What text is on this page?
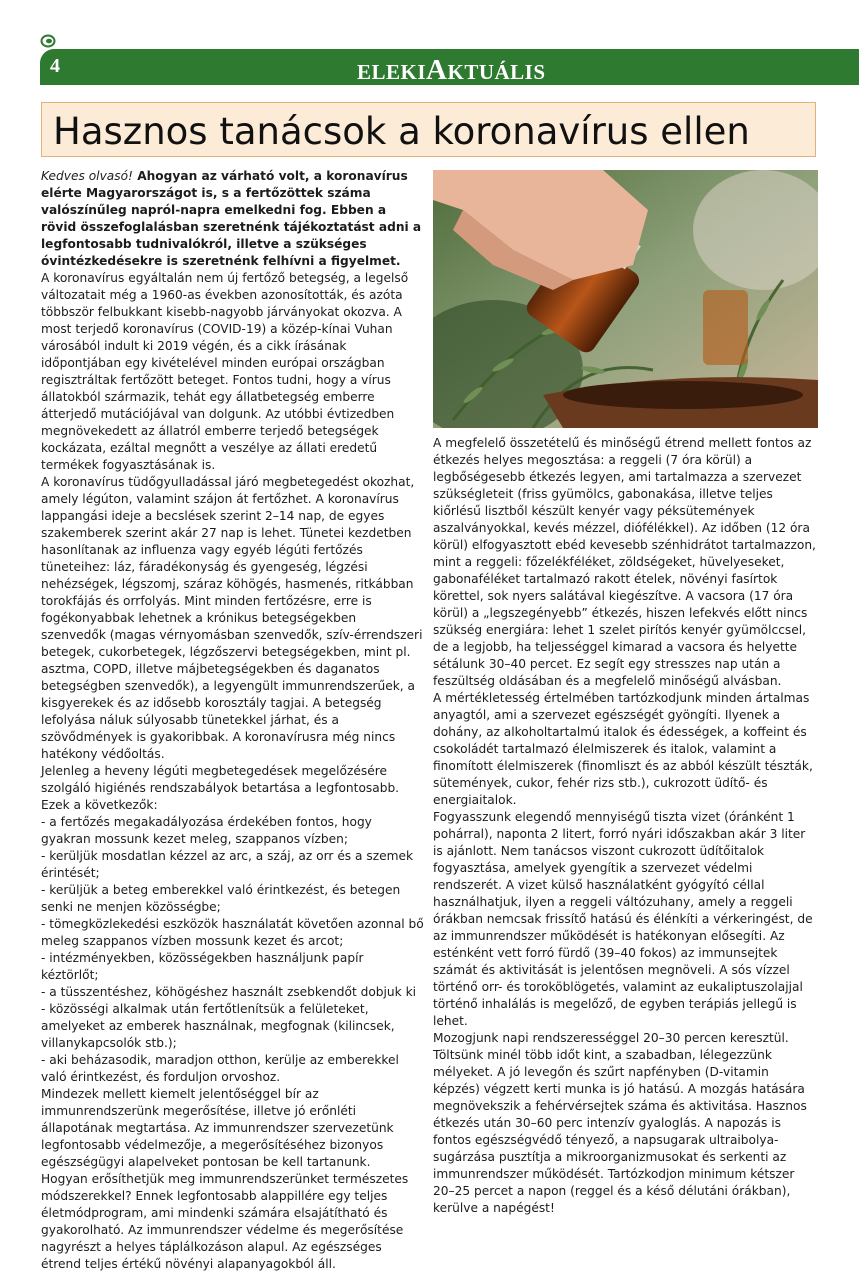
4	ELEKIAKTUÁLIS
Hasznos tanácsok a koronavírus ellen

Kedves olvasó! Ahogyan az várható volt, a koronavírus elérte Magyarországot is, s a fertőzöttek száma valószínűleg napról-napra emelkedni fog. Ebben a rövid összefoglalásban szeretnénk tájékoztatást adni a legfontosabb tudnivalókról, illetve a szükséges óvintézkedésekre is szeretnénk felhívni a figyelmet.

A koronavírus egyáltalán nem új fertőző betegség, a legelső változatait még a 1960-as években azonosították, és azóta többször felbukkant kisebb-nagyobb járványokat okozva. A most terjedő koronavírus (COVID-19) a közép-kínai Vuhan városából indult ki 2019 végén, és a cikk írásának időpontjában egy kivételével minden európai országban regisztráltak fertőzött beteget. Fontos tudni, hogy a vírus állatokból származik, tehát egy állatbetegség emberre átterjedő mutációjával van dolgunk. Az utóbbi évtizedben megnövekedett az állatról emberre terjedő betegségek kockázata, ezáltal megnőtt a veszélye az állati eredetű termékek fogyasztásának is.

A koronavírus tüdőgyulladással járó megbetegedést okozhat, amely légúton, valamint szájon át fertőzhet. A koronavírus lappangási ideje a becslések szerint 2–14 nap, de egyes szakemberek szerint akár 27 nap is lehet. Tünetei kezdetben hasonlítanak az influenza vagy egyéb légúti fertőzés tüneteihez: láz, fáradékonyság és gyengeség, légzési nehézségek, légszomj, száraz köhögés, hasmenés, ritkábban torokfájás és orrfolyás. Mint minden fertőzésre, erre is fogékonyabbak lehetnek a krónikus betegségekben szenvedők (magas vérnyomásban szenvedők, szív-érrendszeri betegek, cukorbetegek, légzőszervi betegségekben, mint pl. asztma, COPD, illetve májbetegségekben és daganatos betegségben szenvedők), a legyengült immunrendszerűek, a kisgyerekek és az idősebb korosztály tagjai. A betegség lefolyása náluk súlyosabb tünetekkel járhat, és a szövődmények is gyakoribbak. A koronavírusra még nincs hatékony védőoltás.

Jelenleg a heveny légúti megbetegedések megelőzésére szolgáló higiénés rendszabályok betartása a legfontosabb. Ezek a következők:

- a fertőzés megakadályozása érdekében fontos, hogy gyakran mossunk kezet meleg, szappanos vízben;

- kerüljük mosdatlan kézzel az arc, a száj, az orr és a szemek érintését;

- kerüljük a beteg emberekkel való érintkezést, és betegen senki ne menjen közösségbe;

- tömegközlekedési eszközök használatát követően azonnal bő meleg szappanos vízben mossunk kezet és arcot;

- intézményekben, közösségekben használjunk papír kéztörlőt;

- a tüsszentéshez, köhögéshez használt zsebkendőt dobjuk ki

- közösségi alkalmak után fertőtlenítsük a felületeket, amelyeket az emberek használnak, megfognak (kilincsek, villanykapcsolók stb.);

- aki beházasodik, maradjon otthon, kerülje az emberekkel való érintkezést, és forduljon orvoshoz.

Mindezek mellett kiemelt jelentőséggel bír az immunrendszerünk megerősítése, illetve jó erőnléti állapotának megtartása. Az immunrendszer szervezetünk legfontosabb védelmezője, a megerősítéséhez bizonyos egészségügyi alapelveket pontosan be kell tartanunk.

Hogyan erősíthetjük meg immunrendszerünket természetes módszerekkel? Ennek legfontosabb alappillére egy teljes életmódprogram, ami mindenki számára elsajátítható és gyakorolható. Az immunrendszer védelme és megerősítése nagyrészt a helyes táplálkozáson alapul. Az egészséges étrend teljes értékű növényi alapanyagokból áll.

A megfelelő összetételű és minőségű étrend mellett fontos az étkezés helyes megosztása: a reggeli (7 óra körül) a legbőségesebb étkezés legyen, ami tartalmazza a szervezet szükségleteit (friss gyümölcs, gabonakása, illetve teljes kiőrlésű lisztből készült kenyér vagy péksütemények aszalványokkal, kevés mézzel, diófélékkel). Az időben (12 óra körül) elfogyasztott ebéd kevesebb szénhidrátot tartalmazzon, mint a reggeli: főzelékféléket, zöldségeket, hüvelyeseket, gabonaféléket tartalmazó rakott ételek, növényi fasírtok körettel, sok nyers salátával kiegészítve. A vacsora (17 óra körül) a „legszegényebb” étkezés, hiszen lefekvés előtt nincs szükség energiára: lehet 1 szelet pirítós kenyér gyümölccsel, de a legjobb, ha teljességgel kimarad a vacsora és helyette sétálunk 30–40 percet. Ez segít egy stresszes nap után a feszültség oldásában és a megfelelő minőségű alvásban.

A mértékletesség értelmében tartózkodjunk minden ártalmas anyagtól, ami a szervezet egészségét gyöngíti. Ilyenek a dohány, az alkoholtartalmú italok és édességek, a koffeint és csokoládét tartalmazó élelmiszerek és italok, valamint a finomított élelmiszerek (finomliszt és az abból készült tészták, sütemények, cukor, fehér rizs stb.), cukrozott üdítő- és energiaitalok.

Fogyasszunk elegendő mennyiségű tiszta vizet (óránként 1 pohárral), naponta 2 litert, forró nyári időszakban akár 3 liter is ajánlott. Nem tanácsos viszont cukrozott üdítőitalok fogyasztása, amelyek gyengítik a szervezet védelmi rendszerét. A vizet külső használatként gyógyító céllal használhatjuk, ilyen a reggeli váltózuhany, amely a reggeli órákban nemcsak frissítő hatású és élénkíti a vérkeringést, de az immunrendszer működését is hatékonyan elősegíti. Az esténként vett forró fürdő (39–40 fokos) az immunsejtek számát és aktivitását is jelentősen megnöveli. A sós vízzel történő orr- és toroköblögetés, valamint az eukaliptuszolajjal történő inhalálás is megelőző, de egyben terápiás jellegű is lehet.

Mozogjunk napi rendszerességgel 20–30 percen keresztül. Töltsünk minél több időt kint, a szabadban, lélegezzünk mélyeket. A jó levegőn és szűrt napfényben (D-vitamin képzés) végzett kerti munka is jó hatású. A mozgás hatására megnövekszik a fehérvérsejtek száma és aktivitása. Hasznos étkezés után 30–60 perc intenzív gyaloglás. A napozás is fontos egészségvédő tényező, a napsugarak ultraibolya-sugárzása pusztítja a mikroorganizmusokat és serkenti az immunrendszer működését. Tartózkodjon minimum kétszer 20–25 percet a napon (reggel és a késő délutáni órákban), kerülve a napégést!
